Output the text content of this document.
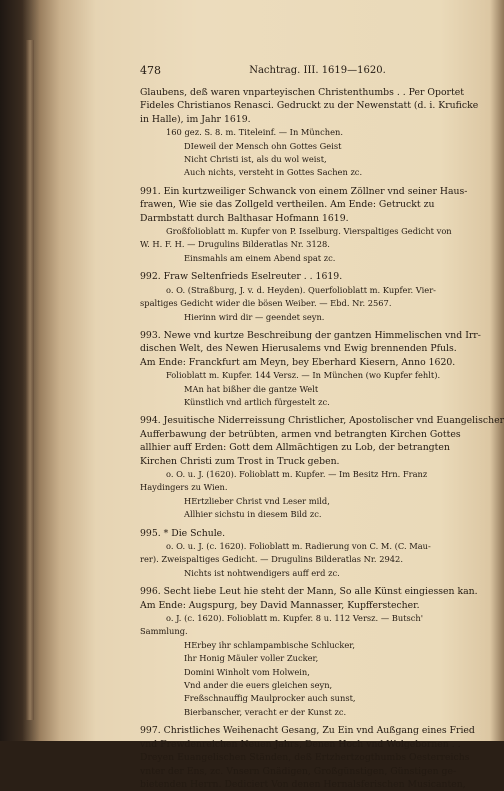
478	Nachtrag. III. 1619—1620.

Glaubens, deß waren vnparteyischen Christenthumbs . . Per Oportet

Fideles Christianos Renasci. Gedruckt zu der Newenstatt (d. i. Kruficke

in Halle), im Jahr 1619.

160 gez. S. 8. m. Titeleinf. — In München.

DIeweil der Mensch ohn Gottes Geist

Nicht Christi ist, als du wol weist,

Auch nichts, versteht in Gottes Sachen zc.

991. Ein kurtzweiliger Schwanck von einem Zöllner vnd seiner Haus-

frawen, Wie sie das Zollgeld vertheilen. Am Ende: Getruckt zu

Darmbstatt durch Balthasar Hofmann 1619.

Großfolioblatt m. Kupfer von P. Isselburg. Vierspaltiges Gedicht von

W. H. F. H. — Drugulins Bilderatlas Nr. 3128.

Einsmahls am einem Abend spat zc.

992. Fraw Seltenfrieds Eselreuter . . 1619.

o. O. (Straßburg, J. v. d. Heyden). Querfolioblatt m. Kupfer. Vier-

spaltiges Gedicht wider die bösen Weiber. — Ebd. Nr. 2567.

Hierinn wird dir — geendet seyn.

993. Newe vnd kurtze Beschreibung der gantzen Himmelischen vnd Irr-

dischen Welt, des Newen Hierusalems vnd Ewig brennenden Pfuls.

Am Ende: Franckfurt am Meyn, bey Eberhard Kiesern, Anno 1620.

Folioblatt m. Kupfer. 144 Versz. — In München (wo Kupfer fehlt).

MAn hat bißher die gantze Welt

Künstlich vnd artlich fürgestelt zc.

994. Jesuitische Niderreissung Christlicher, Apostolischer vnd Euangelischer

Aufferbawung der betrübten, armen vnd betrangten Kirchen Gottes

allhier auff Erden: Gott dem Allmächtigen zu Lob, der betrangten

Kirchen Christi zum Trost in Truck geben.

o. O. u. J. (1620). Folioblatt m. Kupfer. — Im Besitz Hrn. Franz

Haydingers zu Wien.

HErtzlieber Christ vnd Leser mild,

Allhier sichstu in diesem Bild zc.

995. * Die Schule.

o. O. u. J. (c. 1620). Folioblatt m. Radierung von C. M. (C. Mau-

rer). Zweispaltiges Gedicht. — Drugulins Bilderatlas Nr. 2942.

Nichts ist nohtwendigers auff erd zc.

996. Secht liebe Leut hie steht der Mann, So alle Künst eingiessen kan.

Am Ende: Augspurg, bey David Mannasser, Kupfferstecher.

o. J. (c. 1620). Folioblatt m. Kupfer. 8 u. 112 Versz. — Butsch'

Sammlung.

HErbey ihr schlampambische Schlucker,

Ihr Honig Mäuler voller Zucker,

Domini Winholt vom Holwein,

Vnd ander die euers gleichen seyn,

Freßschnauffig Maulprocker auch sunst,

Bierbanscher, veracht er der Kunst zc.

997. Christliches Weihenacht Gesang, Zu Ein vnd Außgang eines Fried

vnd Frewdenreichen Neuen Jahrs, Denen Hoch vnd Wolgebornen . .

Dreyen Euangelischen Ständen, deß Ertzhertzogthumbs Oesterreichs

vnter der Ens, zc. Vnsern Gnädigen, Großgünstigen, Günstigen ge-

bietenden Herrn. Dediciert Von denen Hernalsferischen Musicanten,
